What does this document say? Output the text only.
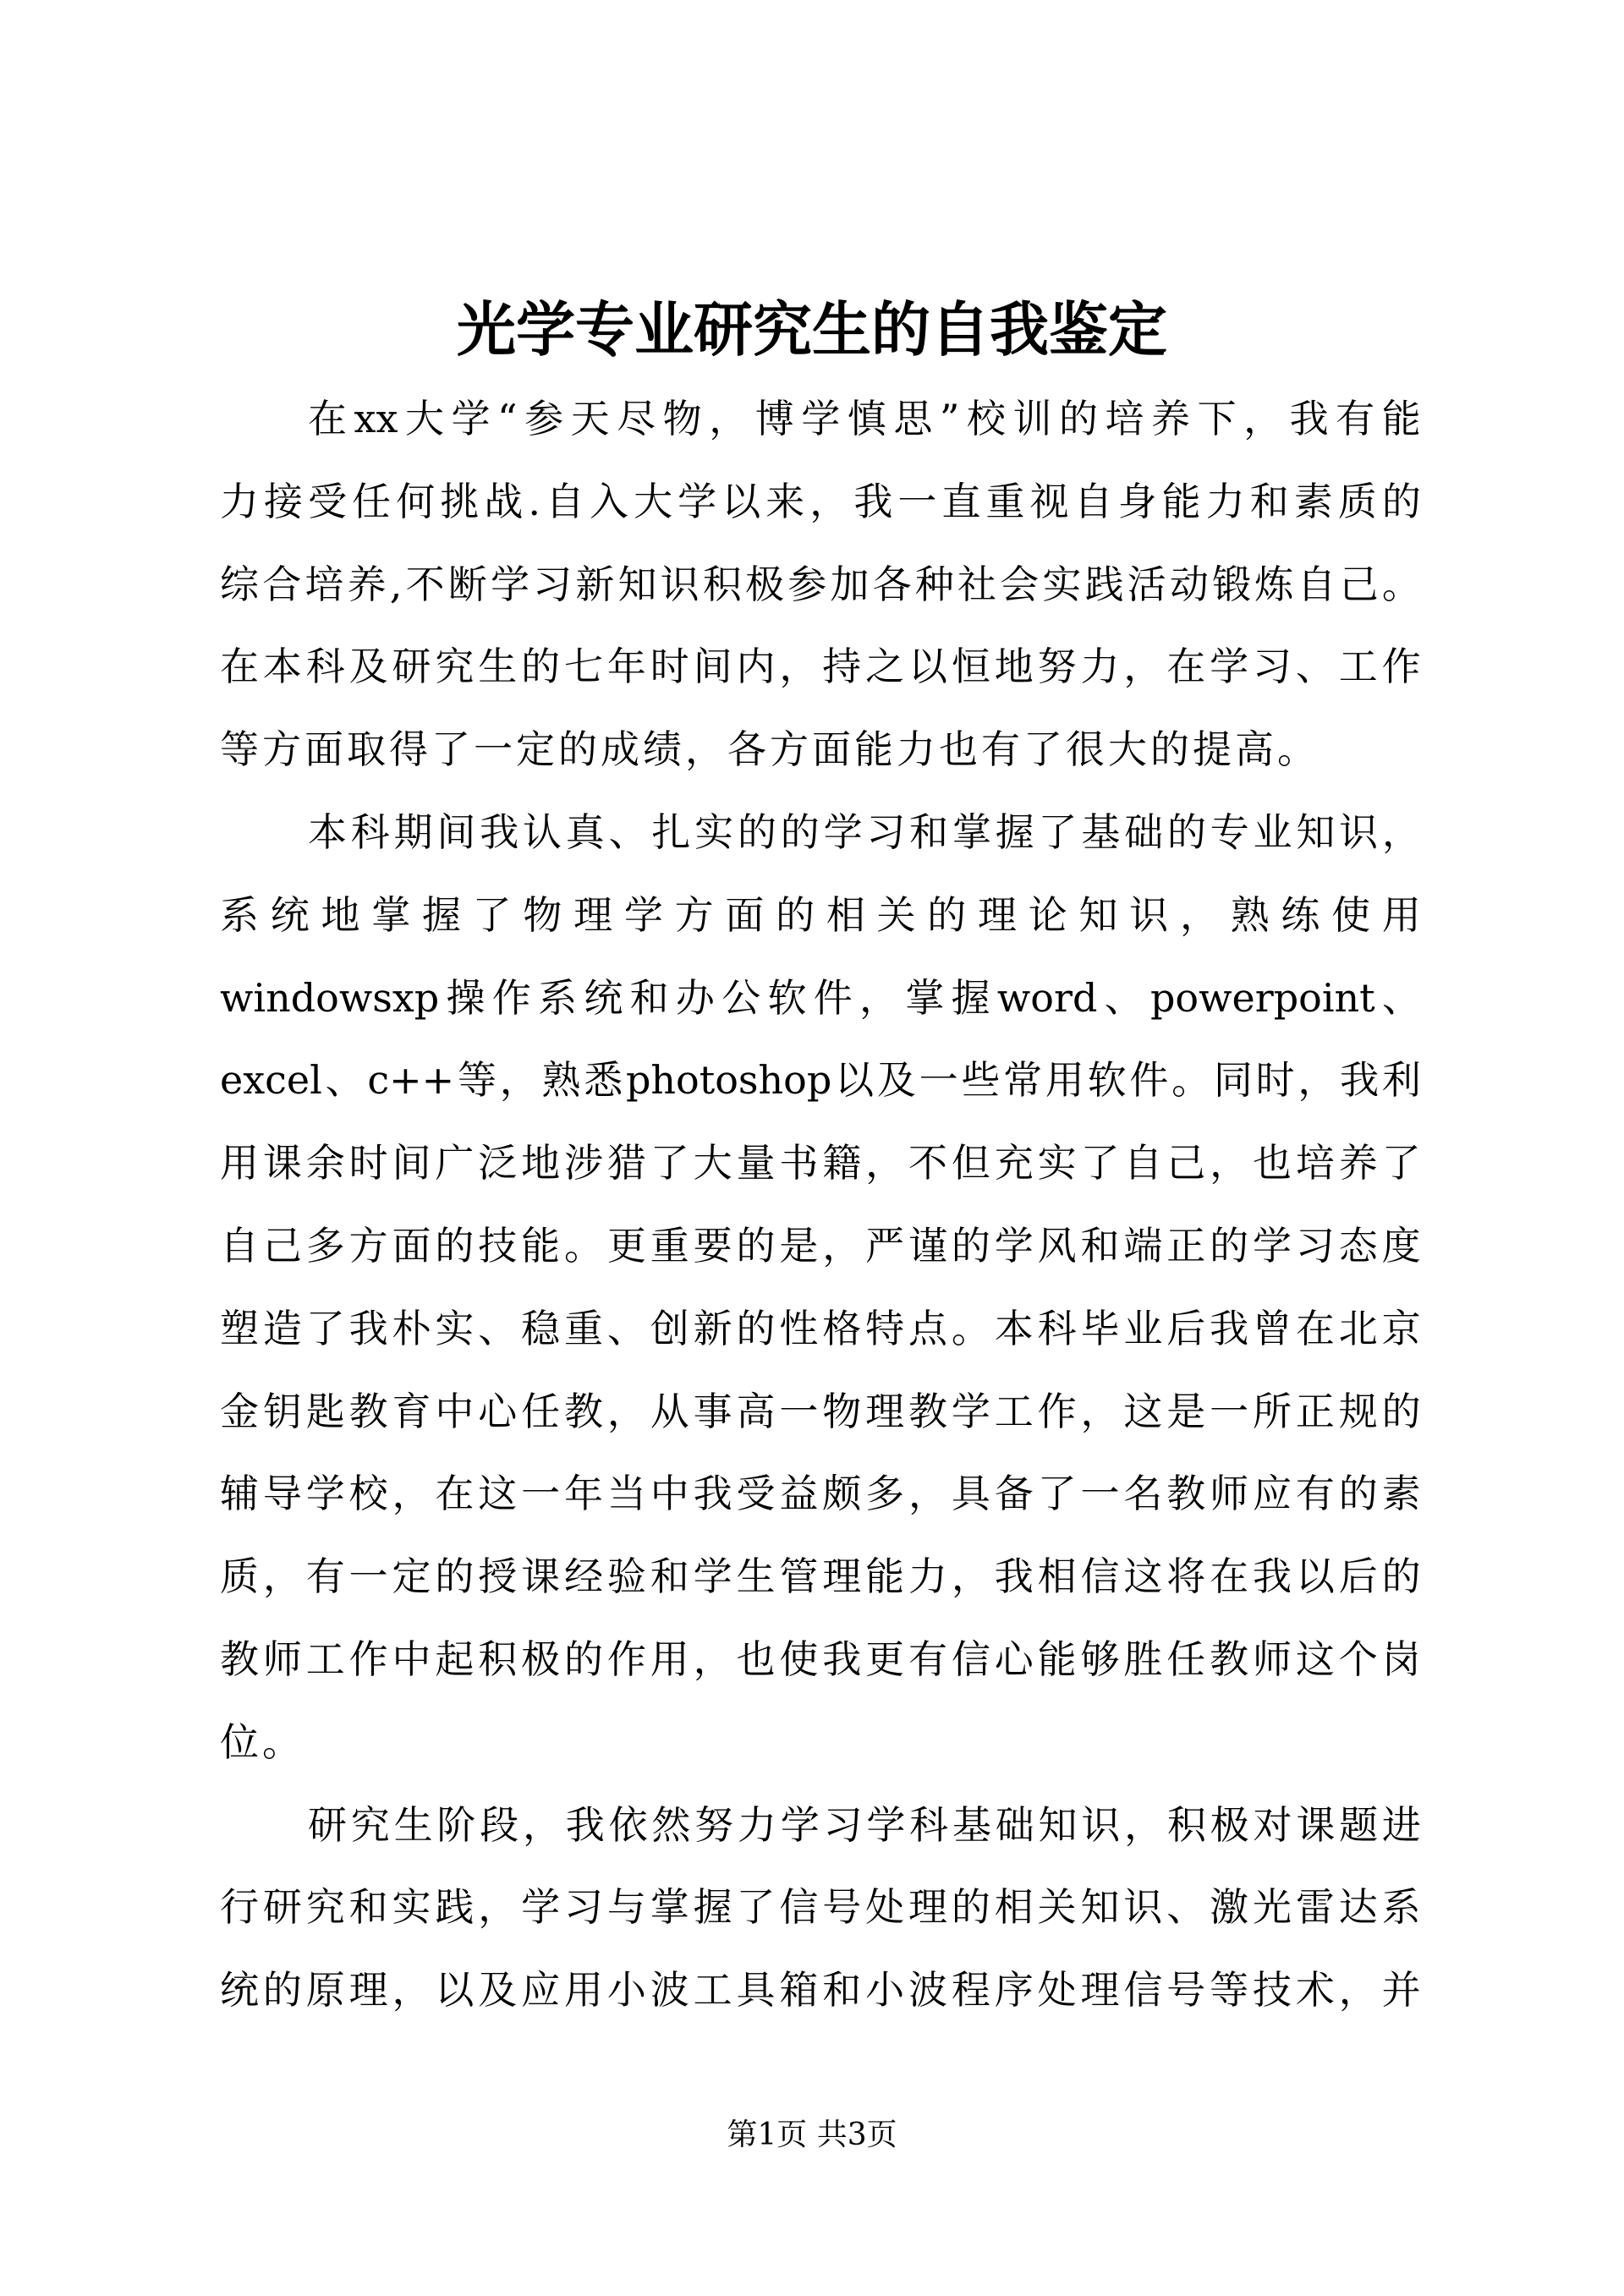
光学专业研究生的自我鉴定
在 xx 大 学 “ 参 天 尽 物 ， 博 学 慎 思 ” 校 训 的 培 养 下 ， 我 有 能
力 接 受 任 何 挑 战 . 自 入 大 学 以 来 ， 我 一 直 重 视 自 身 能 力 和 素 质 的
综 合 培 养 , 不 断 学 习 新 知 识 积 极 参 加 各 种 社 会 实 践 活 动 锻 炼 自 己 。
在 本 科 及 研 究 生 的 七 年 时 间 内 ， 持 之 以 恒 地 努 力 ， 在 学 习 、 工 作
等方面取得了一定的成绩，各方面能力也有了很大的提高。
本 科 期 间 我 认 真 、 扎 实 的 的 学 习 和 掌 握 了 基 础 的 专 业 知 识 ，
系 统 地 掌 握 了 物 理 学 方 面 的 相 关 的 理 论 知 识 ， 熟 练 使 用
windowsxp 操 作 系 统 和 办 公 软 件 ， 掌 握 word 、 powerpoint 、
excel 、 c++ 等 ， 熟 悉 photoshop 以 及 一 些 常 用 软 件 。 同 时 ， 我 利
用 课 余 时 间 广 泛 地 涉 猎 了 大 量 书 籍 ， 不 但 充 实 了 自 己 ， 也 培 养 了
自 己 多 方 面 的 技 能 。 更 重 要 的 是 ， 严 谨 的 学 风 和 端 正 的 学 习 态 度
塑 造 了 我 朴 实 、 稳 重 、 创 新 的 性 格 特 点 。 本 科 毕 业 后 我 曾 在 北 京
金 钥 匙 教 育 中 心 任 教 ， 从 事 高 一 物 理 教 学 工 作 ， 这 是 一 所 正 规 的
辅 导 学 校 ， 在 这 一 年 当 中 我 受 益 颇 多 ， 具 备 了 一 名 教 师 应 有 的 素
质 ， 有 一 定 的 授 课 经 验 和 学 生 管 理 能 力 ， 我 相 信 这 将 在 我 以 后 的
教 师 工 作 中 起 积 极 的 作 用 ， 也 使 我 更 有 信 心 能 够 胜 任 教 师 这 个 岗
位。
研 究 生 阶 段 ， 我 依 然 努 力 学 习 学 科 基 础 知 识 ， 积 极 对 课 题 进
行 研 究 和 实 践 ， 学 习 与 掌 握 了 信 号 处 理 的 相 关 知 识 、 激 光 雷 达 系
统 的 原 理 ， 以 及 应 用 小 波 工 具 箱 和 小 波 程 序 处 理 信 号 等 技 术 ， 并
第1页 共3页
